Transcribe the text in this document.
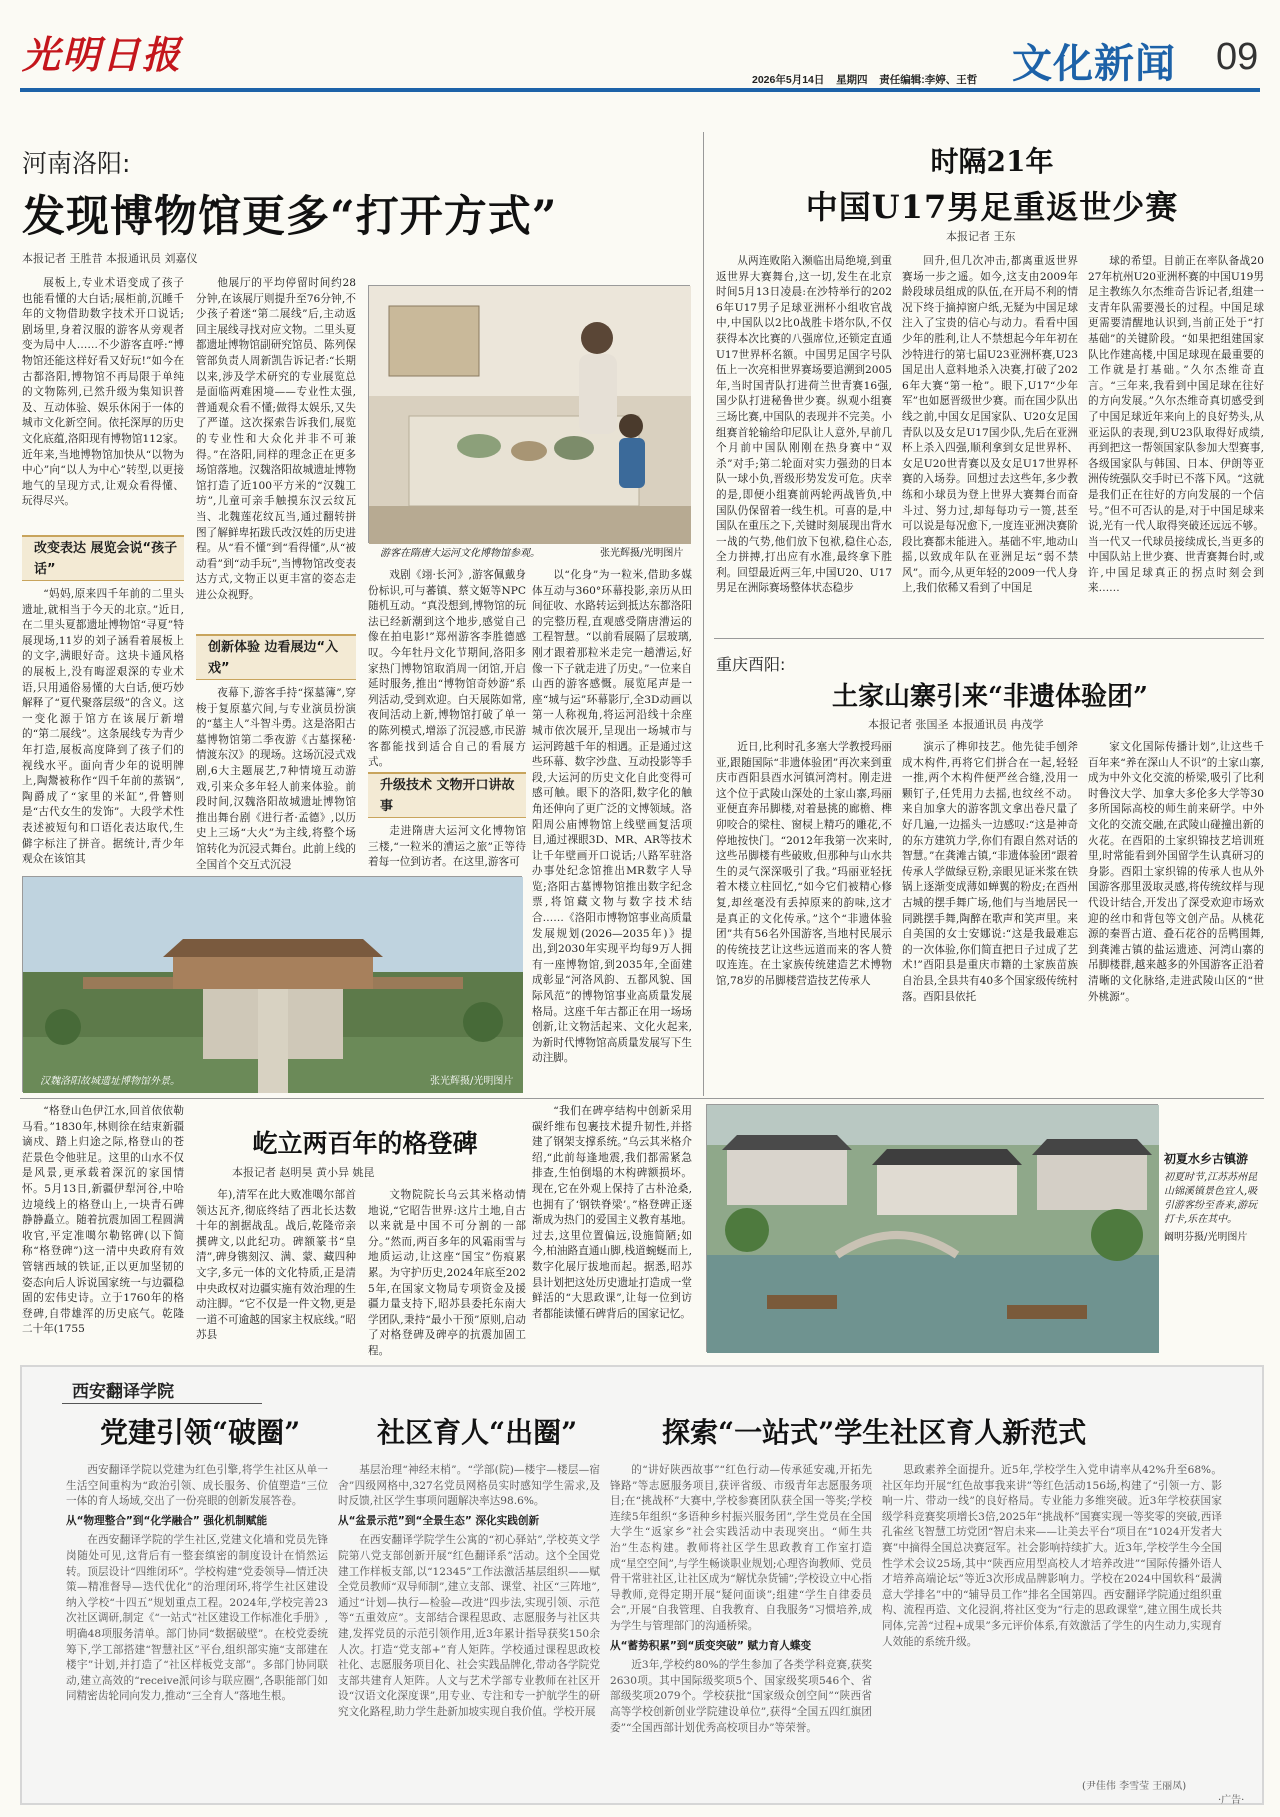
光明日报
2026年5月14日 星期四 责任编辑:李婷、王哲 文化新闻 09
河南洛阳:
发现博物馆更多“打开方式”
本报记者 王胜昔 本报通讯员 刘嘉仪

展板上,专业术语变成了孩子也能看懂的大白话;展柜前,沉睡千年的文物借助数字技术开口说话;剧场里,身着汉服的游客从旁观者变为局中人……不少游客直呼:“博物馆还能这样好看又好玩!”如今在古都洛阳,博物馆不再局限于单纯的文物陈列,已然升级为集知识普及、互动体验、娱乐休闲于一体的城市文化新空间。依托深厚的历史文化底蕴,洛阳现有博物馆112家。近年来,当地博物馆加快从“以物为中心”向“以人为中心”转型,以更接地气的呈现方式,让观众看得懂、玩得尽兴。

改变表达 展览会说“孩子话”

“妈妈,原来四千年前的二里头遗址,就相当于今天的北京。”近日,在二里头夏都遗址博物馆“寻夏”特展现场,11岁的刘子涵看着展板上的文字,满眼好奇。这块卡通风格的展板上,没有晦涩艰深的专业术语,只用通俗易懂的大白话,便巧妙解释了“夏代聚落层级”的含义。这一变化源于馆方在该展厅新增的“第二展线”。这条展线专为青少年打造,展板高度降到了孩子们的视线水平。面向青少年的说明牌上,陶鬶被称作“四千年前的蒸锅”,陶爵成了“家里的米缸”,骨簪则是“古代女生的发饰”。大段学术性表述被短句和口语化表达取代,生僻字标注了拼音。据统计,青少年观众在该馆其

他展厅的平均停留时间约28分钟,在该展厅则提升至76分钟,不少孩子着迷“第二展线”后,主动返回主展线寻找对应文物。二里头夏都遗址博物馆副研究馆员、陈列保管部负责人周新凯告诉记者:“长期以来,涉及学术研究的专业展览总是面临两难困境——专业性太强,普通观众看不懂;做得太娱乐,又失了严谨。这次探索告诉我们,展览的专业性和大众化并非不可兼得。”在洛阳,同样的理念正在更多场馆落地。汉魏洛阳故城遗址博物馆打造了近100平方米的“汉魏工坊”,儿童可亲手触摸东汉云纹瓦当、北魏莲花纹瓦当,通过翻转拼图了解鲜卑拓跋氏改汉姓的历史进程。从“看不懂”到“看得懂”,从“被动看”到“动手玩”,当博物馆改变表达方式,文物正以更丰富的姿态走进公众视野。

创新体验 边看展边“入戏”

夜幕下,游客手持“探墓簿”,穿梭于复原墓穴间,与专业演员扮演的“墓主人”斗智斗勇。这是洛阳古墓博物馆第二季夜游《古墓探秘·情渡东汉》的现场。这场沉浸式戏剧,6大主题展艺,7种情境互动游戏,引来众多年轻人前来体验。前段时间,汉魏洛阳故城遗址博物馆推出舞台剧《进行者·孟德》,以历史上三场“大火”为主线,将整个场馆转化为沉浸式舞台。此前上线的全国首个交互式沉浸

游客在隋唐大运河文化博物馆参观。	张光辉摄/光明图片

戏剧《翊·长河》,游客佩戴身份标识,可与蕃镇、蔡文姬等NPC随机互动。“真没想到,博物馆的玩法已经新潮到这个地步,感觉自己像在拍电影!”郑州游客李胜德感叹。今年牡丹文化节期间,洛阳多家热门博物馆取消周一闭馆,开启延时服务,推出“博物馆奇妙游”系列活动,受到欢迎。白天展陈如常,夜间活动上新,博物馆打破了单一的陈列模式,增添了沉浸感,市民游客都能找到适合自己的看展方式。

升级技术 文物开口讲故事

走进隋唐大运河文化博物馆三楼,“一粒米的漕运之旅”正等待着每一位到访者。在这里,游客可

以“化身”为一粒米,借助多媒体互动与360°环幕投影,亲历从田间征收、水路转运到抵达东都洛阳的完整历程,直观感受隋唐漕运的工程智慧。“以前看展隔了层玻璃,刚才跟着那粒米走完一趟漕运,好像一下子就走进了历史。”一位来自山西的游客感慨。展览尾声是一座“城与运”环幕影厅,全3D动画以第一人称视角,将运河沿线十余座城市依次展开,呈现出一场城市与运河跨越千年的相遇。正是通过这些环幕、数字沙盘、互动投影等手段,大运河的历史文化自此变得可感可触。眼下的洛阳,数字化的触角还伸向了更广泛的文博领域。洛阳周公庙博物馆上线壁画复活项目,通过裸眼3D、MR、AR等技术让千年壁画开口说话;八路军驻洛办事处纪念馆推出MR数字人导览;洛阳古墓博物馆推出数字纪念票,将馆藏文物与数字技术结合……《洛阳市博物馆事业高质量发展规划(2026—2035年)》提出,到2030年实现平均每9万人拥有一座博物馆,到2035年,全面建成彰显“河洛风韵、五都风貌、国际风范”的博物馆事业高质量发展格局。这座千年古都正在用一场场创新,让文物活起来、文化火起来,为新时代博物馆高质量发展写下生动注脚。

汉魏洛阳故城遗址博物馆外景。	张光辉摄/光明图片
时隔21年
中国U17男足重返世少赛
本报记者 王东

从两连败陷入濒临出局绝境,到重返世界大赛舞台,这一切,发生在北京时间5月13日凌晨:在沙特举行的2026年U17男子足球亚洲杯小组收官战中,中国队以2比0战胜卡塔尔队,不仅获得本次比赛的八强席位,还锁定直通U17世界杯名额。中国男足国字号队伍上一次亮相世界赛场要追溯到2005年,当时国青队打进荷兰世青赛16强,国少队打进秘鲁世少赛。纵观小组赛三场比赛,中国队的表现并不完美。小组赛首轮输给印尼队让人意外,早前几个月前中国队刚刚在热身赛中“双杀”对手;第二轮面对实力强劲的日本队一球小负,晋级形势发发可危。庆幸的是,即便小组赛前两轮两战皆负,中国队仍保留着一线生机。可喜的是,中国队在重压之下,关键时刻展现出背水一战的气势,他们放下包袱,稳住心态,全力拼搏,打出应有水准,最终拿下胜利。回望最近两三年,中国U20、U17男足在洲际赛场整体状态稳步

回升,但几次冲击,都离重返世界赛场一步之遥。如今,这支由2009年龄段球员组成的队伍,在开局不利的情况下终于摘掉窗户纸,无疑为中国足球注入了宝贵的信心与动力。看看中国少年的胜利,让人不禁想起今年年初在沙特进行的第七届U23亚洲杯赛,U23国足出人意料地杀入决赛,打破了2026年大赛“第一枪”。眼下,U17“少年军”也如愿晋级世少赛。而在国少队出线之前,中国女足国家队、U20女足国青队以及女足U17国少队,先后在亚洲杯上杀入四强,顺利拿到女足世界杯、女足U20世青赛以及女足U17世界杯赛的入场券。回想过去这些年,多少教练和小球员为登上世界大赛舞台而奋斗过、努力过,却每每功亏一篑,甚至可以说是每况愈下,一度连亚洲决赛阶段比赛都未能进入。基础不牢,地动山摇,以致成年队在亚洲足坛“弱不禁风”。而今,从更年轻的2009一代人身上,我们依稀又看到了中国足

球的希望。目前正在率队备战2027年杭州U20亚洲杯赛的中国U19男足主教练久尔杰维奇告诉记者,组建一支青年队需要漫长的过程。中国足球更需要清醒地认识到,当前正处于“打基础”的关键阶段。“如果把组建国家队比作建高楼,中国足球现在最重要的工作就是打基础。”久尔杰维奇直言。“三年来,我看到中国足球在往好的方向发展。”久尔杰维奇真切感受到了中国足球近年来向上的良好势头,从亚运队的表现,到U23队取得好成绩,再到把这一帮领国家队参加大型赛事,各级国家队与韩国、日本、伊朗等亚洲传统强队交手时已不落下风。“这就是我们正在往好的方向发展的一个信号。”但不可否认的是,对于中国足球来说,光有一代人取得突破还远远不够。当一代又一代球员接续成长,当更多的中国队站上世少赛、世青赛舞台时,或许,中国足球真正的拐点时刻会到来……

重庆酉阳:
土家山寨引来“非遗体验团”
本报记者 张国圣 本报通讯员 冉茂学

近日,比利时孔多塞大学教授玛丽亚,跟随国际“非遗体验团”再次来到重庆市酉阳县酉水河镇河湾村。刚走进这个位于武陵山深处的土家山寨,玛丽亚便直奔吊脚楼,对着悬挑的廊檐、榫卯咬合的梁柱、窗棂上精巧的雕花,不停地按快门。“2012年我第一次来时,这些吊脚楼有些破败,但那种与山水共生的灵气深深吸引了我。”玛丽亚轻抚着木楼立柱回忆,“如今它们被精心修复,却丝毫没有丢掉原来的韵味,这才是真正的文化传承。”这个“非遗体验团”共有56名外国游客,当地村民展示的传统技艺让这些远道而来的客人赞叹连连。在土家族传统建造艺术博物馆,78岁的吊脚楼营造技艺传承人

演示了榫卯技艺。他先徒手刨斧成木构件,再将它们拼合在一起,轻轻一推,两个木构件便严丝合缝,没用一颗钉子,任凭用力去摇,也纹丝不动。来自加拿大的游客凯文拿出卷尺量了好几遍,一边摇头一边感叹:“这是神奇的东方建筑力学,你们有跟自然对话的智慧。”在龚滩古镇,“非遗体验团”跟着传承人学做绿豆粉,亲眼见证米浆在铁锅上逐渐变成薄如蝉翼的粉皮;在酉州古城的摆手舞广场,他们与当地居民一同跳摆手舞,陶醉在歌声和笑声里。来自美国的女士安娜说:“这是我最难忘的一次体验,你们简直把日子过成了艺术!”酉阳县是重庆市籍的土家族苗族自治县,全县共有40多个国家级传统村落。酉阳县依托

家文化国际传播计划”,让这些千百年来“养在深山人不识”的土家山寨,成为中外文化交流的桥梁,吸引了比利时鲁汶大学、加拿大多伦多大学等30多所国际高校的师生前来研学。中外文化的交流交融,在武陵山碰撞出新的火花。在酉阳的土家织锦技艺培训班里,时常能看到外国留学生认真研习的身影。酉阳土家织锦的传承人也从外国游客那里汲取灵感,将传统纹样与现代设计结合,开发出了深受欢迎市场欢迎的丝巾和背包等文创产品。从桃花源的秦晋古道、叠石花谷的岳鸭围舞,到龚滩古镇的盐运遗迹、河湾山寨的吊脚楼群,越来越多的外国游客正沿着清晰的文化脉络,走进武陵山区的“世外桃源”。

“格登山色伊江水,回首依依勒马看。”1830年,林则徐在结束新疆谪戍、踏上归途之际,格登山的苍茫景色令他驻足。这里的山水不仅是风景,更承载着深沉的家国情怀。5月13日,新疆伊犁河谷,中哈边境线上的格登山上,一块青石碑静静矗立。随着抗震加固工程圆满收官,平定准噶尔勒铭碑(以下简称“格登碑”)这一清中央政府有效管辖西域的铁证,正以更加坚韧的姿态向后人诉说国家统一与边疆稳固的宏伟史诗。立于1760年的格登碑,自带雄浑的历史底气。乾隆二十年(1755

屹立两百年的格登碑
本报记者 赵明昊 黄小异 姚昆

年),清军在此大败准噶尔部首领达瓦齐,彻底终结了西北长达数十年的割据战乱。战后,乾隆帝亲撰碑文,以此纪功。碑额篆书“皇清”,碑身镌刻汉、满、蒙、藏四种文字,多元一体的文化特质,正是清中央政权对边疆实施有效治理的生动注脚。“它不仅是一件文物,更是一道不可逾越的国家主权底线。”昭苏县

文物院院长乌云其米格动情地说,“它昭告世界:这片土地,自古以来就是中国不可分割的一部分。”然而,两百多年的风霜雨雪与地质运动,让这座“国宝”伤痕累累。为守护历史,2024年底至2025年,在国家文物局专项资金及援疆力量支持下,昭苏县委托东南大学团队,秉持“最小干预”原则,启动了对格登碑及碑亭的抗震加固工程。

“我们在碑亭结构中创新采用碳纤维布包裹技术提升韧性,并搭建了钢架支撑系统。”乌云其米格介绍,“此前每逢地震,我们都需紧急排查,生怕倒塌的木构碑额损坏。现在,它在外观上保持了古朴沧桑,也拥有了‘钢铁脊梁’。”格登碑正逐渐成为热门的爱国主义教育基地。过去,这里位置偏远,设施简陋;如今,柏油路直通山脚,栈道蜿蜒而上,数字化展厅拔地而起。据悉,昭苏县计划把这处历史遗址打造成一堂鲜活的“大思政课”,让每一位到访者都能读懂石碑背后的国家记忆。

初夏水乡古镇游
初夏时节,江苏苏州昆山锦溪镇景色宜人,吸引游客纷至沓来,游玩打卡,乐在其中。
阚明芬摄/光明图片
西安翻译学院
党建引领“破圈”	社区育人“出圈”	探索“一站式”学生社区育人新范式

西安翻译学院以党建为红色引擎,将学生社区从单一生活空间重构为“政治引领、成长服务、价值塑造”三位一体的育人场域,交出了一份亮眼的创新发展答卷。

从“物理整合”到“化学融合” 强化机制赋能

在西安翻译学院的学生社区,党建文化墙和党员先锋岗随处可见,这背后有一整套缜密的制度设计在悄然运转。顶层设计“四维闭环”。学校构建“党委领导—情迁决策—精准督导—迭代优化”的治理闭环,将学生社区建设纳入学校“十四五”规划重点工程。2024年,学校完善23次社区调研,制定《“一站式”社区建设工作标准化手册》,明确48项服务清单。部门协同“数据破壁”。在校党委统筹下,学工部搭建“智慧社区”平台,组织部实施“支部建在楼宇”计划,并打造了“社区样板党支部”。多部门协同联动,建立高效的“receive派问诊与联应圈”,各职能部门如同精密齿轮同向发力,推动“三全育人”落地生根。

基层治理“神经末梢”。“学部(院)—楼宇—楼层—宿舍”四级网格中,327名党员网格员实时感知学生需求,及时反馈,社区学生事项问题解决率达98.6%。

从“盆景示范”到“全景生态” 深化实践创新

在西安翻译学院学生公寓的“初心驿站”,学校英文学院第八党支部创新开展“红色翻译系”活动。这个全国党建工作样板支部,以“12345”工作法激活基层组织——赋全党员教师“双导师制”,建立支部、课堂、社区“三阵地”,通过“计划—执行—检验—改进”四步法,实现引领、示范等“五重效应”。支部结合课程思政、志愿服务与社区共建,发挥党员的示范引领作用,近3年累计指导获奖150余人次。打造“党支部+”育人矩阵。学校通过课程思政校社化、志愿服务项目化、社会实践品牌化,带动各学院党支部共建育人矩阵。人文与艺术学部专业教师在社区开设“汉语文化深度课”,用专业、专注和专一护航学生的研究文化路程,助力学生赴新加坡实现自我价值。学校开展

的“讲好陕西故事”“红色行动—传承延安魂,开拓先锋路”等志愿服务项目,获评省级、市级青年志愿服务项目;在“挑战杯”大赛中,学校参赛团队获全国一等奖;学校连续5年组织“多语种乡村振兴服务团”,学生党员在全国大学生“返家乡”社会实践活动中表现突出。“师生共治”生态构建。教师将社区学生思政教育工作室打造成“星空空间”,与学生畅谈职业规划;心理咨询教师、党员骨干常驻社区,让社区成为“解忧杂货铺”;学校设立中心指导教师,竞得定期开展“疑问面谈”;组建“学生自律委员会”,开展“自我管理、自我教育、自我服务”习惯培养,成为学生与管理部门的沟通桥梁。

从“蓄势积累”到“质变突破” 赋力育人蝶变

近3年,学校约80%的学生参加了各类学科竞赛,获奖2630项。其中国际级奖项5个、国家级奖项546个、省部级奖项2079个。学校获批“国家级众创空间”“陕西省高等学校创新创业学院建设单位”,获得“全国五四红旗团委”“全国西部计划优秀高校项目办”等荣誉。

思政素养全面提升。近5年,学校学生入党申请率从42%升至68%。社区年均开展“红色故事我来讲”等红色活动156场,构建了“引领一方、影响一片、带动一线”的良好格局。专业能力多维突破。近3年学校获国家级学科竞赛奖项增长3倍,2025年“挑战杯”国赛实现一等奖零的突破,西译孔雀丝飞智慧工坊党团“智启未来——让美去平台”项目在“1024开发者大赛”中摘得全国总决赛冠军。社会影响持续扩大。近3年,学校学生今全国性学术会议25场,其中“陕西应用型高校人才培养改进”“国际传播外语人才培养高端论坛”等近3次形成品牌影响力。学校在2024中国软科“最满意大学排名”中的“辅导员工作”排名全国第四。西安翻译学院通过组织重构、流程再造、文化浸润,将社区变为“行走的思政课堂”,建立围生成长共同体,完善“过程+成果”多元评价体系,有效激活了学生的内生动力,实现育人效能的系统升级。

(尹佳伟 李雪莹 王丽凤)
·广告·
